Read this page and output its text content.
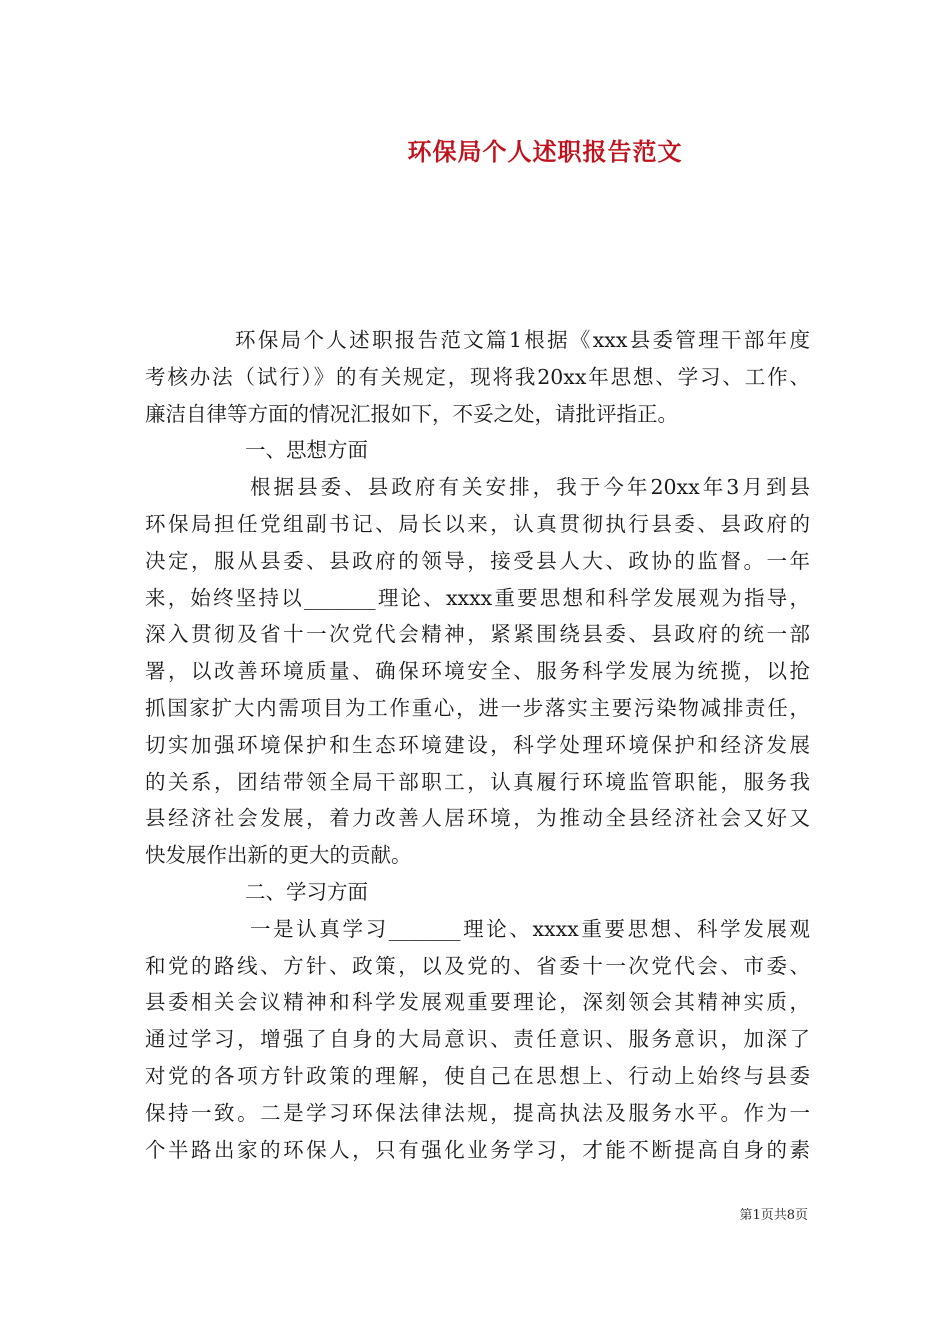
环保局个人述职报告范文
环保局个人述职报告范文篇1根据《xxx县委管理干部年度
考核办法（试行）》的有关规定，现将我20xx年思想、学习、工作、
廉洁自律等方面的情况汇报如下，不妥之处，请批评指正。
一、思想方面
根据县委、县政府有关安排，我于今年20xx年3月到县
环保局担任党组副书记、局长以来，认真贯彻执行县委、县政府的
决定，服从县委、县政府的领导，接受县人大、政协的监督。一年
来，始终坚持以_______理论、xxxx重要思想和科学发展观为指导，
深入贯彻及省十一次党代会精神，紧紧围绕县委、县政府的统一部
署，以改善环境质量、确保环境安全、服务科学发展为统揽，以抢
抓国家扩大内需项目为工作重心，进一步落实主要污染物减排责任，
切实加强环境保护和生态环境建设，科学处理环境保护和经济发展
的关系，团结带领全局干部职工，认真履行环境监管职能，服务我
县经济社会发展，着力改善人居环境，为推动全县经济社会又好又
快发展作出新的更大的贡献。
二、学习方面
一是认真学习_______理论、xxxx重要思想、科学发展观
和党的路线、方针、政策，以及党的、省委十一次党代会、市委、
县委相关会议精神和科学发展观重要理论，深刻领会其精神实质，
通过学习，增强了自身的大局意识、责任意识、服务意识，加深了
对党的各项方针政策的理解，使自己在思想上、行动上始终与县委
保持一致。二是学习环保法律法规，提高执法及服务水平。作为一
个半路出家的环保人，只有强化业务学习，才能不断提高自身的素
第1页共8页
